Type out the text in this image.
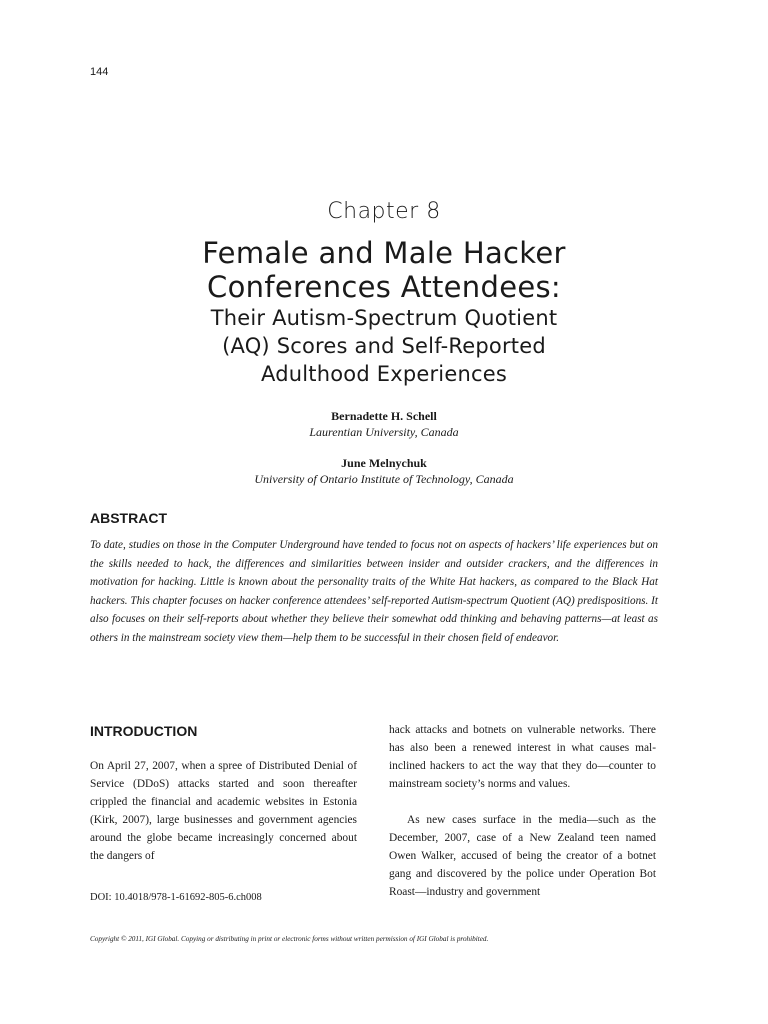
144
Chapter 8
Female and Male Hacker
Conferences Attendees:
Their Autism-Spectrum Quotient
(AQ) Scores and Self-Reported
Adulthood Experiences
Bernadette H. Schell
Laurentian University, Canada
June Melnychuk
University of Ontario Institute of Technology, Canada
ABSTRACT

To date, studies on those in the Computer Underground have tended to focus not on aspects of hackers’ life experiences but on the skills needed to hack, the differences and similarities between insider and outsider crackers, and the differences in motivation for hacking. Little is known about the personality traits of the White Hat hackers, as compared to the Black Hat hackers. This chapter focuses on hacker conference attendees’ self-reported Autism-spectrum Quotient (AQ) predispositions. It also focuses on their self-reports about whether they believe their somewhat odd thinking and behaving patterns—at least as others in the mainstream society view them—help them to be successful in their chosen field of endeavor.

INTRODUCTION

On April 27, 2007, when a spree of Distributed Denial of Service (DDoS) attacks started and soon thereafter crippled the financial and academic websites in Estonia (Kirk, 2007), large businesses and government agencies around the globe became increasingly concerned about the dangers of

hack attacks and botnets on vulnerable networks. There has also been a renewed interest in what causes mal-inclined hackers to act the way that they do—counter to mainstream society’s norms and values.

As new cases surface in the media—such as the December, 2007, case of a New Zealand teen named Owen Walker, accused of being the creator of a botnet gang and discovered by the police under Operation Bot Roast—industry and government

DOI: 10.4018/978-1-61692-805-6.ch008
Copyright © 2011, IGI Global. Copying or distributing in print or electronic forms without written permission of IGI Global is prohibited.
